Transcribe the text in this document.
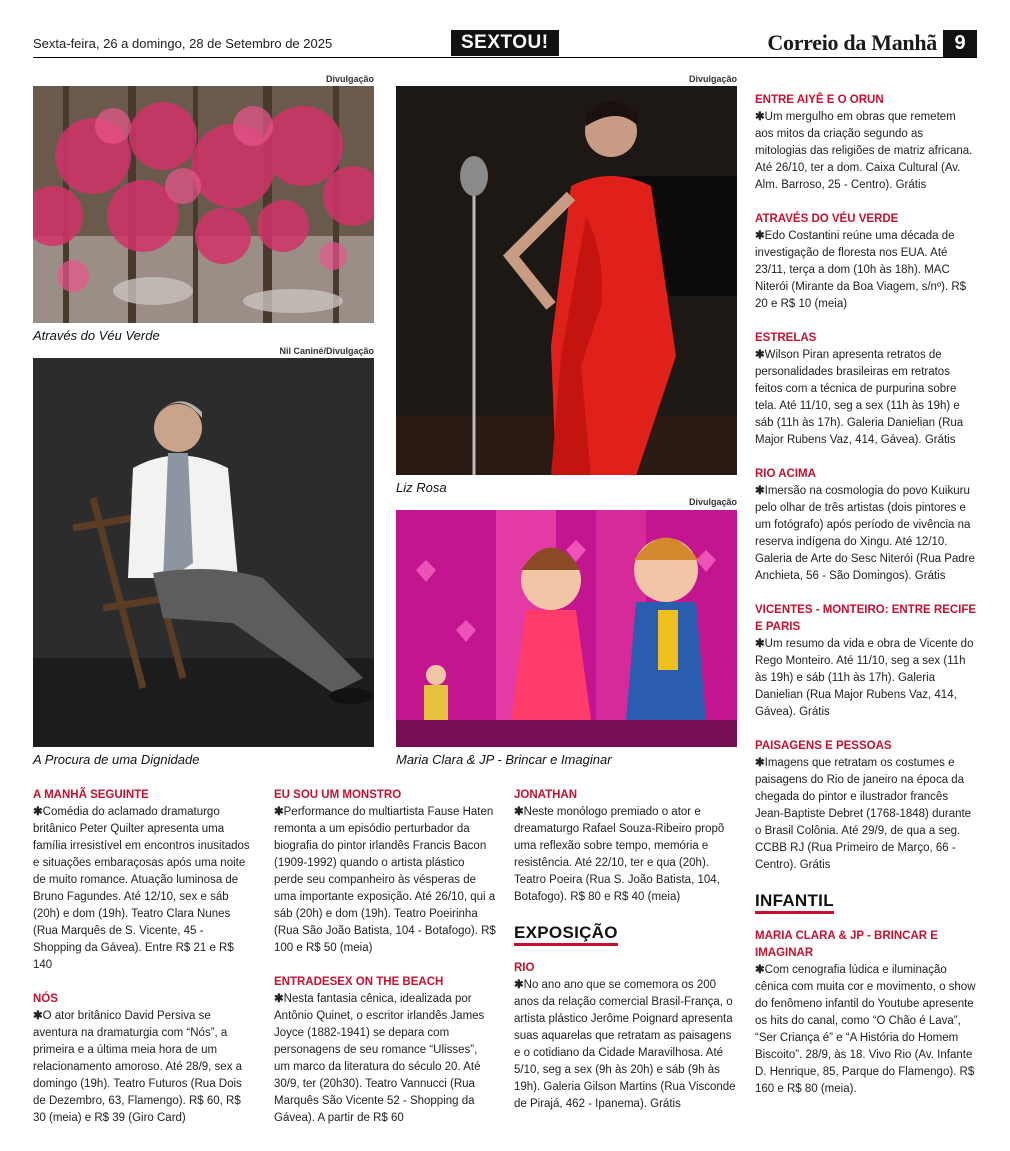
Sexta-feira, 26 a domingo, 28 de Setembro de 2025	SEXTOU!	Correio da Manhã 9
Divulgação
Através do Véu Verde
Nil Caniné/Divulgação
A Procura de uma Dignidade
Divulgação
Liz Rosa
Divulgação
Maria Clara & JP - Brincar e Imaginar
A MANHÃ SEGUINTE

✱Comédia do aclamado dramaturgo britânico Peter Quilter apresenta uma família irresistível em encontros inusitados e situações embaraçosas após uma noite de muito romance. Atuação luminosa de Bruno Fagundes. Até 12/10, sex e sáb (20h) e dom (19h). Teatro Clara Nunes (Rua Marquês de S. Vicente, 45 - Shopping da Gávea). Entre R$ 21 e R$ 140

NÓS

✱O ator britânico David Persiva se aventura na dramaturgia com “Nós”, a primeira e a última meia hora de um relacionamento amoroso. Até 28/9, sex a domingo (19h). Teatro Futuros (Rua Dois de Dezembro, 63, Flamengo). R$ 60, R$ 30 (meia) e R$ 39 (Giro Card)

EU SOU UM MONSTRO

✱Performance do multiartista Fause Haten remonta a um episódio perturbador da biografia do pintor irlandês Francis Bacon (1909-1992) quando o artista plástico perde seu companheiro às vésperas de uma importante exposição. Até 26/10, qui a sáb (20h) e dom (19h). Teatro Poeirinha (Rua São João Batista, 104 - Botafogo). R$ 100 e R$ 50 (meia)

ENTRADESEX ON THE BEACH

✱Nesta fantasia cênica, idealizada por Antônio Quinet, o escritor irlandês James Joyce (1882-1941) se depara com personagens de seu romance “Ulisses”, um marco da literatura do século 20. Até 30/9, ter (20h30). Teatro Vannucci (Rua Marquês São Vicente 52 - Shopping da Gávea). A partir de R$ 60

JONATHAN

✱Neste monólogo premiado o ator e dreamaturgo Rafael Souza-Ribeiro propõ uma reflexão sobre tempo, memória e resistência. Até 22/10, ter e qua (20h). Teatro Poeira (Rua S. João Batista, 104, Botafogo). R$ 80 e R$ 40 (meia)

EXPOSIÇÃO
RIO

✱No ano ano que se comemora os 200 anos da relação comercial Brasil-França, o artista plástico Jerôme Poignard apresenta suas aquarelas que retratam as paisagens e o cotidiano da Cidade Maravilhosa. Até 5/10, seg a sex (9h às 20h) e sáb (9h às 19h). Galeria Gilson Martins (Rua Visconde de Pirajá, 462 - Ipanema). Grátis

ENTRE AIYÊ E O ORUN

✱Um mergulho em obras que remetem aos mitos da criação segundo as mitologias das religiões de matriz africana. Até 26/10, ter a dom. Caixa Cultural (Av. Alm. Barroso, 25 - Centro). Grátis

ATRAVÉS DO VÉU VERDE

✱Edo Costantini reúne uma década de investigação de floresta nos EUA. Até 23/11, terça a dom (10h às 18h). MAC Niterói (Mirante da Boa Viagem, s/nº). R$ 20 e R$ 10 (meia)

ESTRELAS

✱Wilson Piran apresenta retratos de personalidades brasileiras em retratos feitos com a técnica de purpurina sobre tela. Até 11/10, seg a sex (11h às 19h) e sáb (11h às 17h). Galeria Danielian (Rua Major Rubens Vaz, 414, Gávea). Grátis

RIO ACIMA

✱Imersão na cosmologia do povo Kuikuru pelo olhar de três artistas (dois pintores e um fotógrafo) após período de vivência na reserva indígena do Xingu. Até 12/10. Galeria de Arte do Sesc Niterói (Rua Padre Anchieta, 56 - São Domingos). Grátis

VICENTES - MONTEIRO: ENTRE RECIFE E PARIS

✱Um resumo da vida e obra de Vicente do Rego Monteiro. Até 11/10, seg a sex (11h às 19h) e sáb (11h às 17h). Galeria Danielian (Rua Major Rubens Vaz, 414, Gávea). Grátis

PAISAGENS E PESSOAS

✱Imagens que retratam os costumes e paisagens do Rio de janeiro na época da chegada do pintor e ilustrador francês Jean-Baptiste Debret (1768-1848) durante o Brasil Colônia. Até 29/9, de qua a seg. CCBB RJ (Rua Primeiro de Março, 66 - Centro). Grátis

INFANTIL
MARIA CLARA & JP - BRINCAR E IMAGINAR

✱Com cenografia lúdica e iluminação cênica com muita cor e movimento, o show do fenômeno infantil do Youtube apresente os hits do canal, como “O Chão é Lava”, “Ser Criança é” e “A História do Homem Biscoito”. 28/9, às 18. Vivo Rio (Av. Infante D. Henrique, 85, Parque do Flamengo). R$ 160 e R$ 80 (meia).
